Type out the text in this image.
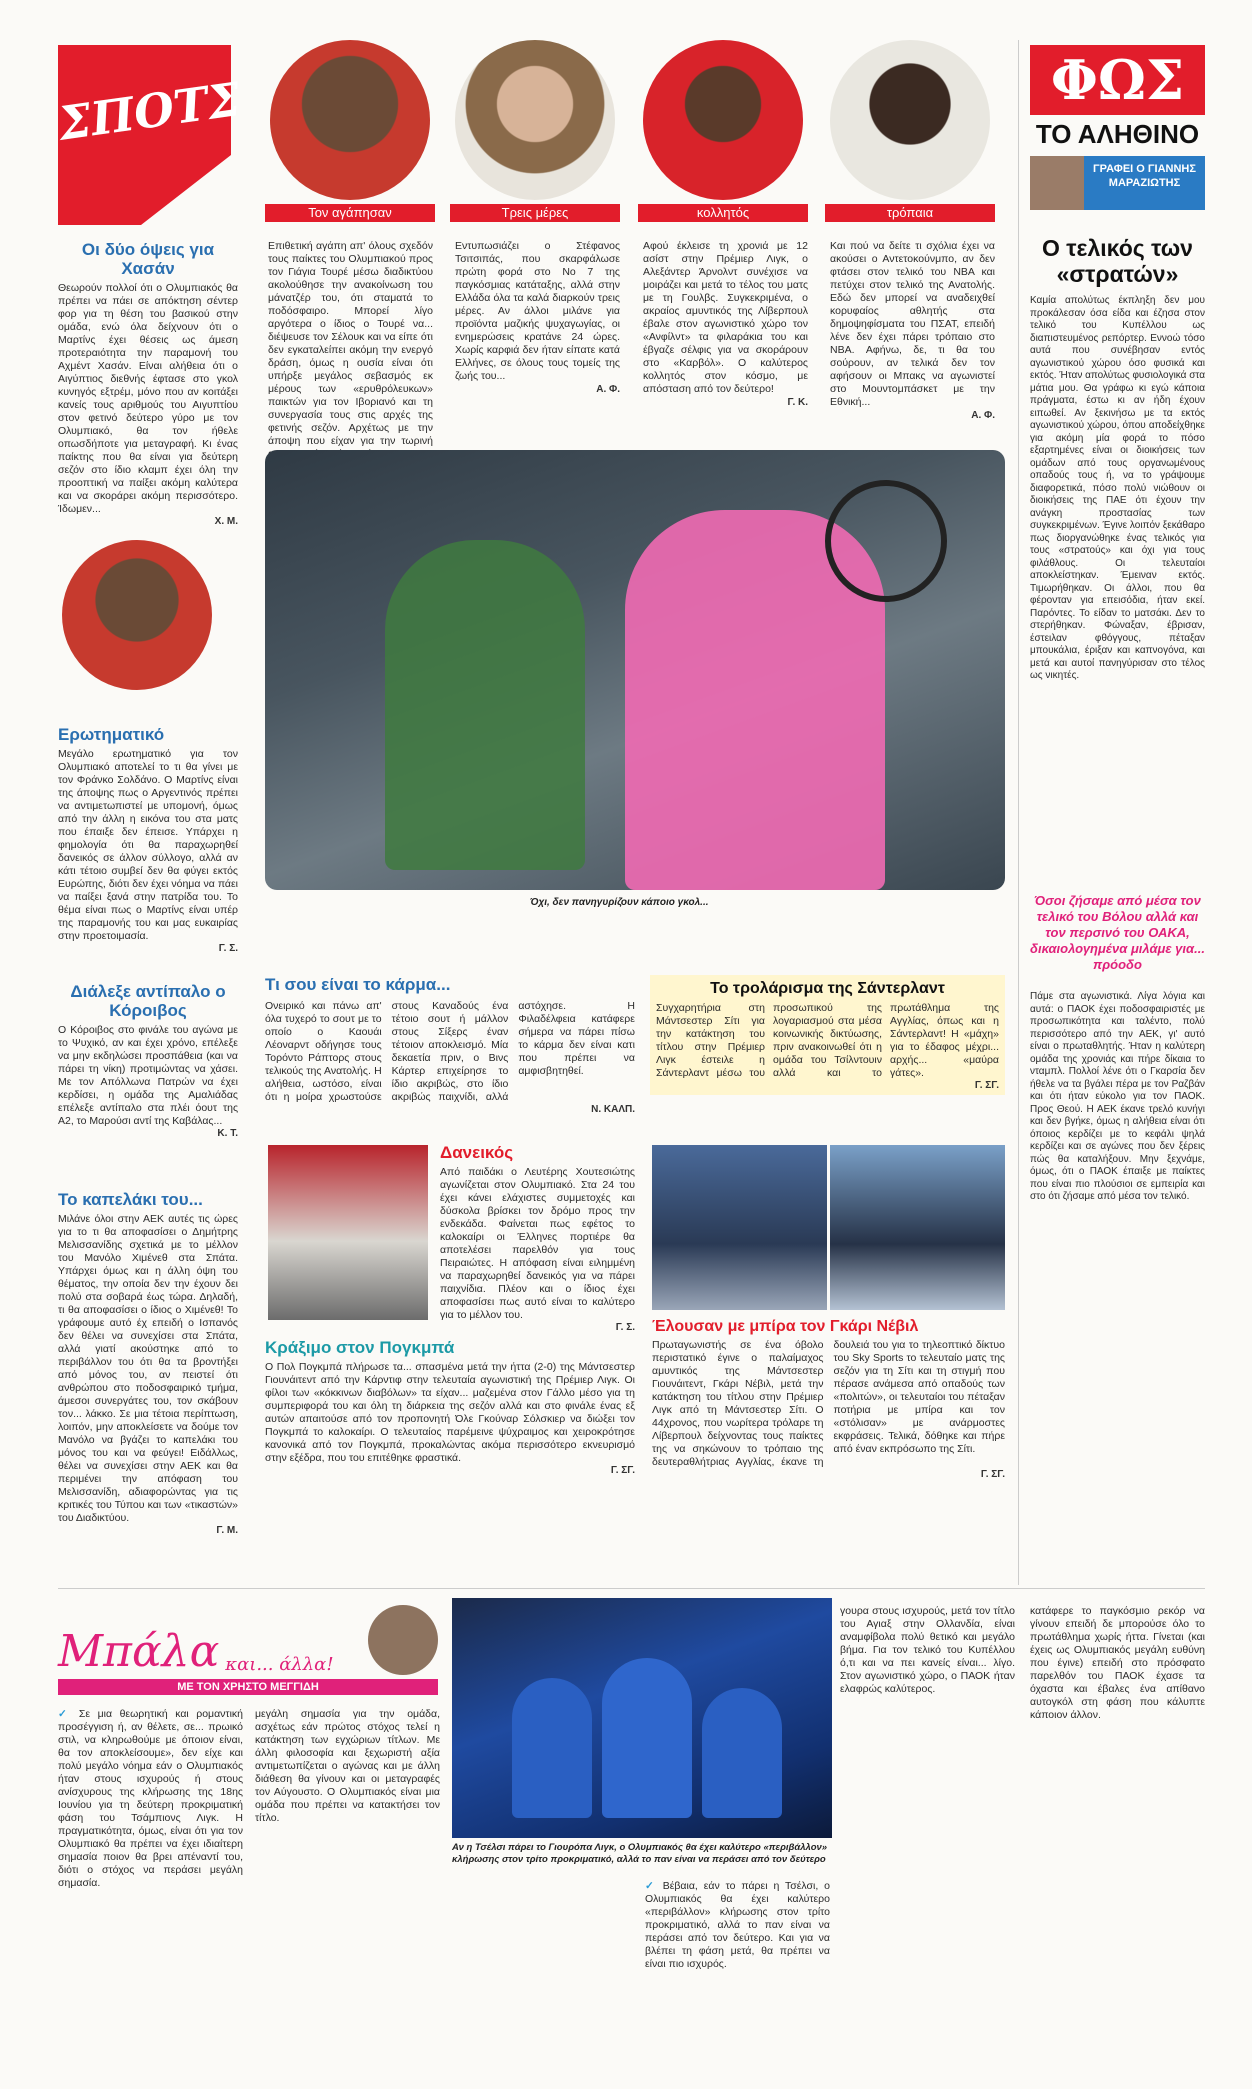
ΣΠΟΤΣ
Τον αγάπησαν	Τρεις μέρες	κολλητός	τρόπαια
ΦΩΣ
ΤΟ ΑΛΗΘΙΝΟ
ΓΡΑΦΕΙ Ο ΓΙΑΝΝΗΣ ΜΑΡΑΖΙΩΤΗΣ
Οι δύο όψεις για Χασάν
Θεωρούν πολλοί ότι ο Ολυμπιακός θα πρέπει να πάει σε απόκτηση σέντερ φορ για τη θέση του βασικού στην ομάδα, ενώ όλα δείχνουν ότι ο Μαρτίνς έχει θέσεις ως άμεση προτεραιότητα την παραμονή του Αχμέντ Χασάν. Είναι αλήθεια ότι ο Αιγύπτιος διεθνής έφτασε στο γκολ κυνηγός εξτρέμ, μόνο που αν κοιτάξει κανείς τους αριθμούς του Αιγυπτίου στον φετινό δεύτερο γύρο με τον Ολυμπιακό, θα τον ήθελε οπωσδήποτε για μεταγραφή. Κι ένας παίκτης που θα είναι για δεύτερη σεζόν στο ίδιο κλαμπ έχει όλη την προοπτική να παίξει ακόμη καλύτερα και να σκοράρει ακόμη περισσότερο. Ίδωμεν...
Χ. Μ.
Επιθετική αγάπη απ' όλους σχεδόν τους παίκτες του Ολυμπιακού προς τον Γιάγια Τουρέ μέσω διαδικτύου ακολούθησε την ανακοίνωση του μάνατζέρ του, ότι σταματά το ποδόσφαιρο. Μπορεί λίγο αργότερα ο ίδιος ο Τουρέ να... διέψευσε τον Σέλουκ και να είπε ότι δεν εγκαταλείπει ακόμη την ενεργό δράση, όμως η ουσία είναι ότι υπήρξε μεγάλος σεβασμός εκ μέρους των «ερυθρόλευκων» παικτών για τον Ιβοριανό και τη συνεργασία τους στις αρχές της φετινής σεζόν. Αρχέτως με την άποψη που είχαν για την τωρινή
Εντυπωσιάζει ο Στέφανος Τσιτσιπάς, που σκαρφάλωσε πρώτη φορά στο Νο 7 της παγκόσμιας κατάταξης, αλλά στην Ελλάδα όλα τα καλά διαρκούν τρεις μέρες. Αν άλλοι μιλάνε για προϊόντα μαζικής ψυχαγωγίας, οι ενημερώσεις κρατάνε 24 ώρες. Χωρίς καρφιά δεν ήταν είπατε κατά Ελλήνες, σε όλους τους τομείς της ζωής του...
Α. Φ.
Αφού έκλεισε τη χρονιά με 12 ασίστ στην Πρέμιερ Λιγκ, ο Αλεξάντερ Άρνολντ συνέχισε να μοιράζει και μετά το τέλος του ματς με τη Γουλβς. Συγκεκριμένα, ο ακραίος αμυντικός της Λίβερπουλ έβαλε στον αγωνιστικό χώρο τον «Ανφίλντ» τα φιλαράκια του και έβγαζε σέλφις για να σκοράρουν στο «Καρβόλ». Ο καλύτερος κολλητός στον κόσμο, με απόσταση από τον δεύτερο!
Γ. Κ.
Και πού να δείτε τι σχόλια έχει να ακούσει ο Αντετοκούνμπο, αν δεν φτάσει στον τελικό του NBA και πετύχει στον τελικό της Ανατολής. Εδώ δεν μπορεί να αναδειχθεί κορυφαίος αθλητής στα δημοψηφίσματα του ΠΣΑΤ, επειδή λένε δεν έχει πάρει τρόπαιο στο NBA. Αφήνω, δε, τι θα του σούρουν, αν τελικά δεν τον αφήσουν οι Μπακς να αγωνιστεί στο Μουντομπάσκετ με την Εθνική...
Α. Φ.
Ο τελικός των «στρατών»
Καμία απολύτως έκπληξη δεν μου προκάλεσαν όσα είδα και έζησα στον τελικό του Κυπέλλου ως διαπιστευμένος ρεπόρτερ. Εννοώ τόσο αυτά που συνέβησαν εντός αγωνιστικού χώρου όσο φυσικά και εκτός. Ήταν απολύτως φυσιολογικά στα μάτια μου. Θα γράφω κι εγώ κάποια πράγματα, έστω κι αν ήδη έχουν ειπωθεί. Αν ξεκινήσω με τα εκτός αγωνιστικού χώρου, όπου αποδείχθηκε για ακόμη μία φορά το πόσο εξαρτημένες είναι οι διοικήσεις των ομάδων από τους οργανωμένους οπαδούς τους ή, να το γράψουμε διαφορετικά, πόσο πολύ νιώθουν οι διοικήσεις της ΠΑΕ ότι έχουν την ανάγκη προστασίας των συγκεκριμένων. Έγινε λοιπόν ξεκάθαρο πως διοργανώθηκε ένας τελικός για τους «στρατούς» και όχι για τους φιλάθλους. Οι τελευταίοι αποκλείστηκαν. Έμειναν εκτός. Τιμωρήθηκαν. Οι άλλοι, που θα φέρονταν για επεισόδια, ήταν εκεί. Παρόντες. Το είδαν το ματσάκι. Δεν το στερήθηκαν. Φώναξαν, έβρισαν, έστειλαν φθόγγους, πέταξαν μπουκάλια, έριξαν και καπνογόνα, και μετά και αυτοί πανηγύρισαν στο τέλος ως νικητές.
Όσοι ζήσαμε από μέσα τον τελικό του Βόλου αλλά και τον περσινό του ΟΑΚΑ, δικαιολογημένα μιλάμε για... πρόοδο
Πάμε στα αγωνιστικά. Λίγα λόγια και αυτά: ο ΠΑΟΚ έχει ποδοσφαιριστές με προσωπικότητα και ταλέντο, πολύ περισσότερο από την ΑΕΚ, γι' αυτό είναι ο πρωταθλητής. Ήταν η καλύτερη ομάδα της χρονιάς και πήρε δίκαια το νταμπλ. Πολλοί λένε ότι ο Γκαρσία δεν ήθελε να τα βγάλει πέρα με τον Ραζβάν και ότι ήταν εύκολο για τον ΠΑΟΚ. Προς Θεού. Η ΑΕΚ έκανε τρελό κυνήγι και δεν βγήκε, όμως η αλήθεια είναι ότι όποιος κερδίζει με το κεφάλι ψηλά κερδίζει και σε αγώνες που δεν ξέρεις πώς θα καταλήξουν. Μην ξεχνάμε, όμως, ότι ο ΠΑΟΚ έπαιξε με παίκτες που είναι πιο πλούσιοι σε εμπειρία και στο ότι ζήσαμε από μέσα τον τελικό.
Ερωτηματικό
Μεγάλο ερωτηματικό για τον Ολυμπιακό αποτελεί το τι θα γίνει με τον Φράνκο Σολδάνο. Ο Μαρτίνς είναι της άποψης πως ο Αργεντινός πρέπει να αντιμετωπιστεί με υπομονή, όμως από την άλλη η εικόνα του στα ματς που έπαιξε δεν έπεισε. Υπάρχει η φημολογία ότι θα παραχωρηθεί δανεικός σε άλλον σύλλογο, αλλά αν κάτι τέτοιο συμβεί δεν θα φύγει εκτός Ευρώπης, διότι δεν έχει νόημα να πάει να παίξει ξανά στην πατρίδα του. Το θέμα είναι πως ο Μαρτίνς είναι υπέρ της παραμονής του και μας ευκαιρίας στην προετοιμασία.
Γ. Σ.
Όχι, δεν πανηγυρίζουν κάποιο γκολ...
Διάλεξε αντίπαλο ο Κόροιβος
Ο Κόροιβος στο φινάλε του αγώνα με το Ψυχικό, αν και έχει χρόνο, επέλεξε να μην εκδηλώσει προσπάθεια (και να πάρει τη νίκη) προτιμώντας να χάσει. Με τον Απόλλωνα Πατρών να έχει κερδίσει, η ομάδα της Αμαλιάδας επέλεξε αντίπαλο στα πλέι όουτ της Α2, το Μαρούσι αντί της Καβάλας...
Κ. Τ.
Τι σου είναι το κάρμα...
Ονειρικό και πάνω απ' όλα τυχερό το σουτ με το οποίο ο Καουάι Λέοναρντ οδήγησε τους Τορόντο Ράπτορς στους τελικούς της Ανατολής. Η αλήθεια, ωστόσο, είναι ότι η μοίρα χρωστούσε στους Καναδούς ένα τέτοιο σουτ ή μάλλον στους Σίξερς έναν τέτοιον αποκλεισμό. Μία δεκαετία πριν, ο Βινς Κάρτερ επιχείρησε το ίδιο ακριβώς, στο ίδιο ακριβώς παιχνίδι, αλλά αστόχησε. Η Φιλαδέλφεια κατάφερε σήμερα να πάρει πίσω το κάρμα δεν είναι κατι που πρέπει να αμφισβητηθεί.
Ν. ΚΑΛΠ.
Το τρολάρισμα της Σάντερλαντ
Συγχαρητήρια στη Μάντσεστερ Σίτι για την κατάκτηση του τίτλου στην Πρέμιερ Λιγκ έστειλε η Σάντερλαντ μέσω του προσωπικού της λογαριασμού στα μέσα κοινωνικής δικτύωσης, πριν ανακοινωθεί ότι η ομάδα του Τσίλντουιν αλλά και το πρωτάθλημα της Αγγλίας, όπως και η Σάντερλαντ! Η «μάχη» για το έδαφος μέχρι... αρχής... «μαύρα γάτες».
Γ. ΣΓ.
Το καπελάκι του...
Μιλάνε όλοι στην ΑΕΚ αυτές τις ώρες για το τι θα αποφασίσει ο Δημήτρης Μελισσανίδης σχετικά με το μέλλον του Μανόλο Χιμένεθ στα Σπάτα. Υπάρχει όμως και η άλλη όψη του θέματος, την οποία δεν την έχουν δει πολύ στα σοβαρά έως τώρα. Δηλαδή, τι θα αποφασίσει ο ίδιος ο Χιμένεθ! Το γράφουμε αυτό έχ επειδή ο Ισπανός δεν θέλει να συνεχίσει στα Σπάτα, αλλά γιατί ακούστηκε από το περιβάλλον του ότι θα τα βροντήξει από μόνος του, αν πειστεί ότι ανθρώπου στο ποδοσφαιρικό τμήμα, άμεσοι συνεργάτες του, τον σκάβουν τον... λάκκο. Σε μια τέτοια περίπτωση, λοιπόν, μην αποκλείσετε να δούμε τον Μανόλο να βγάζει το καπελάκι του μόνος του και να φεύγει! Ειδάλλως, θέλει να συνεχίσει στην ΑΕΚ και θα περιμένει την απόφαση του Μελισσανίδη, αδιαφορώντας για τις κριτικές του Τύπου και των «τικαστών» του Διαδικτύου.
Γ. Μ.
Δανεικός
Από παιδάκι ο Λευτέρης Χουτεσιώτης αγωνίζεται στον Ολυμπιακό. Στα 24 του έχει κάνει ελάχιστες συμμετοχές και δύσκολα βρίσκει τον δρόμο προς την ενδεκάδα. Φαίνεται πως εφέτος το καλοκαίρι οι Έλληνες πορτιέρε θα αποτελέσει παρελθόν για τους Πειραιώτες. Η απόφαση είναι ειλημμένη να παραχωρηθεί δανεικός για να πάρει παιχνίδια. Πλέον και ο ίδιος έχει αποφασίσει πως αυτό είναι το καλύτερο για το μέλλον του.
Γ. Σ.
Κράξιμο στον Πογκμπά
Ο Πολ Πογκμπά πλήρωσε τα... σπασμένα μετά την ήττα (2-0) της Μάντσεστερ Γιουνάιτεντ από την Κάρντιφ στην τελευταία αγωνιστική της Πρέμιερ Λιγκ. Οι φίλοι των «κόκκινων διαβόλων» τα είχαν... μαζεμένα στον Γάλλο μέσο για τη συμπεριφορά του και όλη τη διάρκεια της σεζόν αλλά και στο φινάλε ένας εξ αυτών απαιτούσε από τον προπονητή Όλε Γκούναρ Σόλσκιερ να διώξει τον Πογκμπά το καλοκαίρι. Ο τελευταίος παρέμεινε ψύχραιμος και χειροκρότησε κανονικά από τον Πογκμπά, προκαλώντας ακόμα περισσότερο εκνευρισμό στην εξέδρα, που του επιτέθηκε φραστικά.
Γ. ΣΓ.
Έλουσαν με μπίρα τον Γκάρι Νέβιλ
Πρωταγωνιστής σε ένα όβολο περιστατικό έγινε ο παλαίμαχος αμυντικός της Μάντσεστερ Γιουνάιτεντ, Γκάρι Νέβιλ, μετά την κατάκτηση του τίτλου στην Πρέμιερ Λιγκ από τη Μάντσεστερ Σίτι. Ο 44χρονος, που νωρίτερα τρόλαρε τη Λίβερπουλ δείχνοντας τους παίκτες της να σηκώνουν το τρόπαιο της δευτεραθλήτριας Αγγλίας, έκανε τη δουλειά του για το τηλεοπτικό δίκτυο του Sky Sports το τελευταίο ματς της σεζόν για τη Σίτι και τη στιγμή που πέρασε ανάμεσα από οπαδούς των «πολιτών», οι τελευταίοι του πέταξαν ποτήρια με μπίρα και τον «στόλισαν» με ανάρμοστες εκφράσεις. Τελικά, δόθηκε και πήρε από έναν εκπρόσωπο της Σίτι.
Γ. ΣΓ.
Μπάλα και... άλλα!
ΜΕ ΤΟΝ ΧΡΗΣΤΟ ΜΕΓΓΙΔΗ
✓ Σε μια θεωρητική και ρομαντική προσέγγιση ή, αν θέλετε, σε... πρωικό στιλ, να κληρωθούμε με όποιον είναι, θα τον αποκλείσουμε», δεν είχε και πολύ μεγάλο νόημα εάν ο Ολυμπιακός ήταν στους ισχυρούς ή στους ανίσχυρους της κλήρωσης της 18ης Ιουνίου για τη δεύτερη προκριματική φάση του Τσάμπιονς Λιγκ. Η πραγματικότητα, όμως, είναι ότι για τον Ολυμπιακό θα πρέπει να έχει ιδιαίτερη σημασία ποιον θα βρει απέναντί του, διότι ο στόχος να περάσει μεγάλη σημασία.
μεγάλη σημασία για την ομάδα, ασχέτως εάν πρώτος στόχος τελεί η κατάκτηση των εγχώριων τίτλων. Με άλλη φιλοσοφία και ξεχωριστή αξία αντιμετωπίζεται ο αγώνας και με άλλη διάθεση θα γίνουν και οι μεταγραφές τον Αύγουστο. Ο Ολυμπιακός είναι μια ομάδα που πρέπει να κατακτήσει τον τίτλο.
Αν η Τσέλσι πάρει το Γιουρόπα Λιγκ, ο Ολυμπιακός θα έχει καλύτερο «περιβάλλον» κλήρωσης στον τρίτο προκριματικό, αλλά το παν είναι να περάσει από τον δεύτερο
✓ Βέβαια, εάν το πάρει η Τσέλσι, ο Ολυμπιακός θα έχει καλύτερο «περιβάλλον» κλήρωσης στον τρίτο προκριματικό, αλλά το παν είναι να περάσει από τον δεύτερο. Και για να βλέπει τη φάση μετά, θα πρέπει να είναι πιο ισχυρός.
γουρα στους ισχυρούς, μετά τον τίτλο του Αγιαξ στην Ολλανδία, είναι αναμφίβολα πολύ θετικό και μεγάλο βήμα. Για τον τελικό του Κυπέλλου ό,τι και να πει κανείς είναι... λίγο. Στον αγωνιστικό χώρο, ο ΠΑΟΚ ήταν ελαφρώς καλύτερος.
κατάφερε το παγκόσμιο ρεκόρ να γίνουν επειδή δε μπορούσε όλο το πρωτάθλημα χωρίς ήττα. Γίνεται (και έχεις ως Ολυμπιακός μεγάλη ευθύνη που έγινε) επειδή στο πρόσφατο παρελθόν του ΠΑΟΚ έχασε τα όχαστα και έβαλες ένα απίθανο αυτογκόλ στη φάση που κάλυπτε κάποιον άλλον.
